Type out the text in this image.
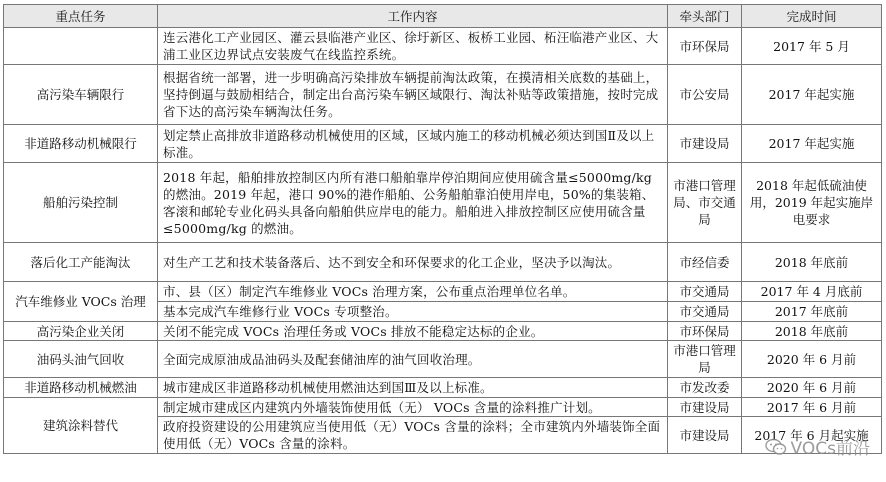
重点任务	工作内容	牵头部门	完成时间
	连云港化工产业园区、灌云县临港产业区、徐圩新区、板桥工业园、柘汪临港产业区、大浦工业区边界试点安装废气在线监控系统。	市环保局	2017 年 5 月
高污染车辆限行	根据省统一部署，进一步明确高污染排放车辆提前淘汰政策，在摸清相关底数的基础上，坚持倒逼与鼓励相结合，制定出台高污染车辆区域限行、淘汰补贴等政策措施，按时完成省下达的高污染车辆淘汰任务。	市公安局	2017 年起实施
非道路移动机械限行	划定禁止高排放非道路移动机械使用的区域，区域内施工的移动机械必须达到国Ⅱ及以上标准。	市建设局	2017 年起实施
船舶污染控制	2018 年起，船舶排放控制区内所有港口船舶靠岸停泊期间应使用硫含量≤5000mg/kg 的燃油。2019 年起，港口 90%的港作船舶、公务船舶靠泊使用岸电，50%的集装箱、客滚和邮轮专业化码头具备向船舶供应岸电的能力。船舶进入排放控制区应使用硫含量≤5000mg/kg 的燃油。	市港口管理局、市交通局	2018 年起低硫油使用，2019 年起实施岸电要求
落后化工产能淘汰	对生产工艺和技术装备落后、达不到安全和环保要求的化工企业，坚决予以淘汰。	市经信委	2018 年底前
汽车维修业 VOCs 治理	市、县（区）制定汽车维修业 VOCs 治理方案，公布重点治理单位名单。	市交通局	2017 年 4 月底前
	基本完成汽车维修行业 VOCs 专项整治。	市交通局	2017 年底前
高污染企业关闭	关闭不能完成 VOCs 治理任务或 VOCs 排放不能稳定达标的企业。	市环保局	2018 年底前
油码头油气回收	全面完成原油成品油码头及配套储油库的油气回收治理。	市港口管理局	2020 年 6 月前
非道路移动机械燃油	城市建成区非道路移动机械使用燃油达到国Ⅲ及以上标准。	市发改委	2020 年 6 月前
建筑涂料替代	制定城市建成区内建筑内外墙装饰使用低（无） VOCs 含量的涂料推广计划。	市建设局	2017 年 6 月前
	政府投资建设的公用建筑应当使用低（无）VOCs 含量的涂料；全市建筑内外墙装饰全面使用低（无）VOCs 含量的涂料。	市建设局	2017 年 6 月起实施
VOCs前沿
